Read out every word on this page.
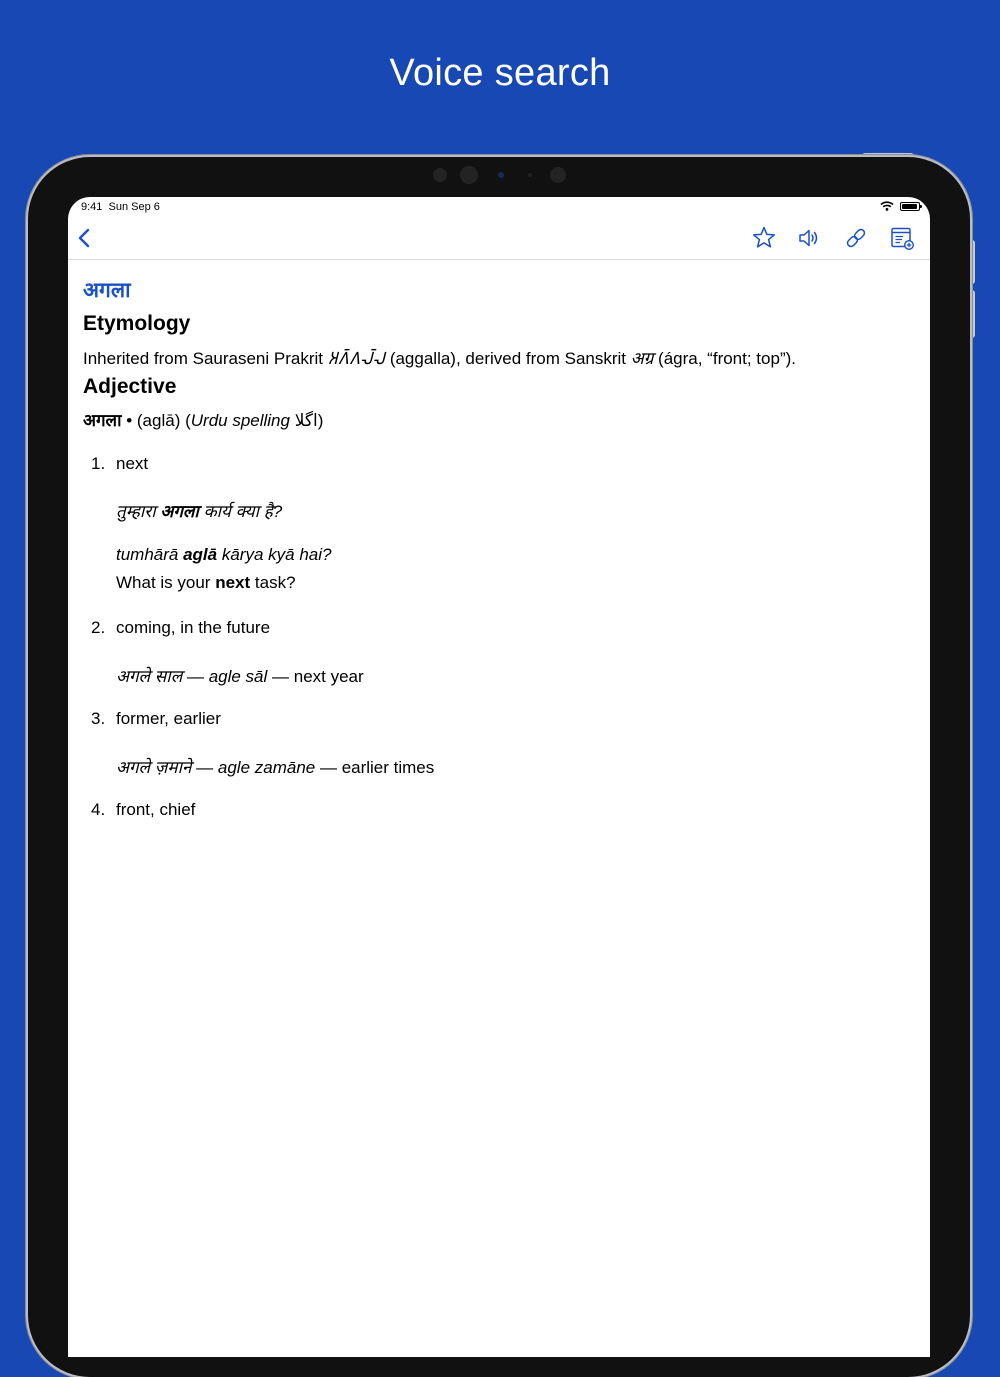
Voice search
9:41 Sun Sep 6
अगला
Etymology
Inherited from Sauraseni Prakrit 𑀅𑀕𑁆𑀕𑀮𑁆𑀮 (aggalla), derived from Sanskrit अग्र (ágra, “front; top”).
Adjective
अगला • (aglā) (Urdu spelling اگلا)
1. next
तुम्हारा अगला कार्य क्या है?
tumhārā aglā kārya kyā hai?
What is your next task?
2. coming, in the future
अगले साल — agle sāl — next year
3. former, earlier
अगले ज़माने — agle zamāne — earlier times
4. front, chief
